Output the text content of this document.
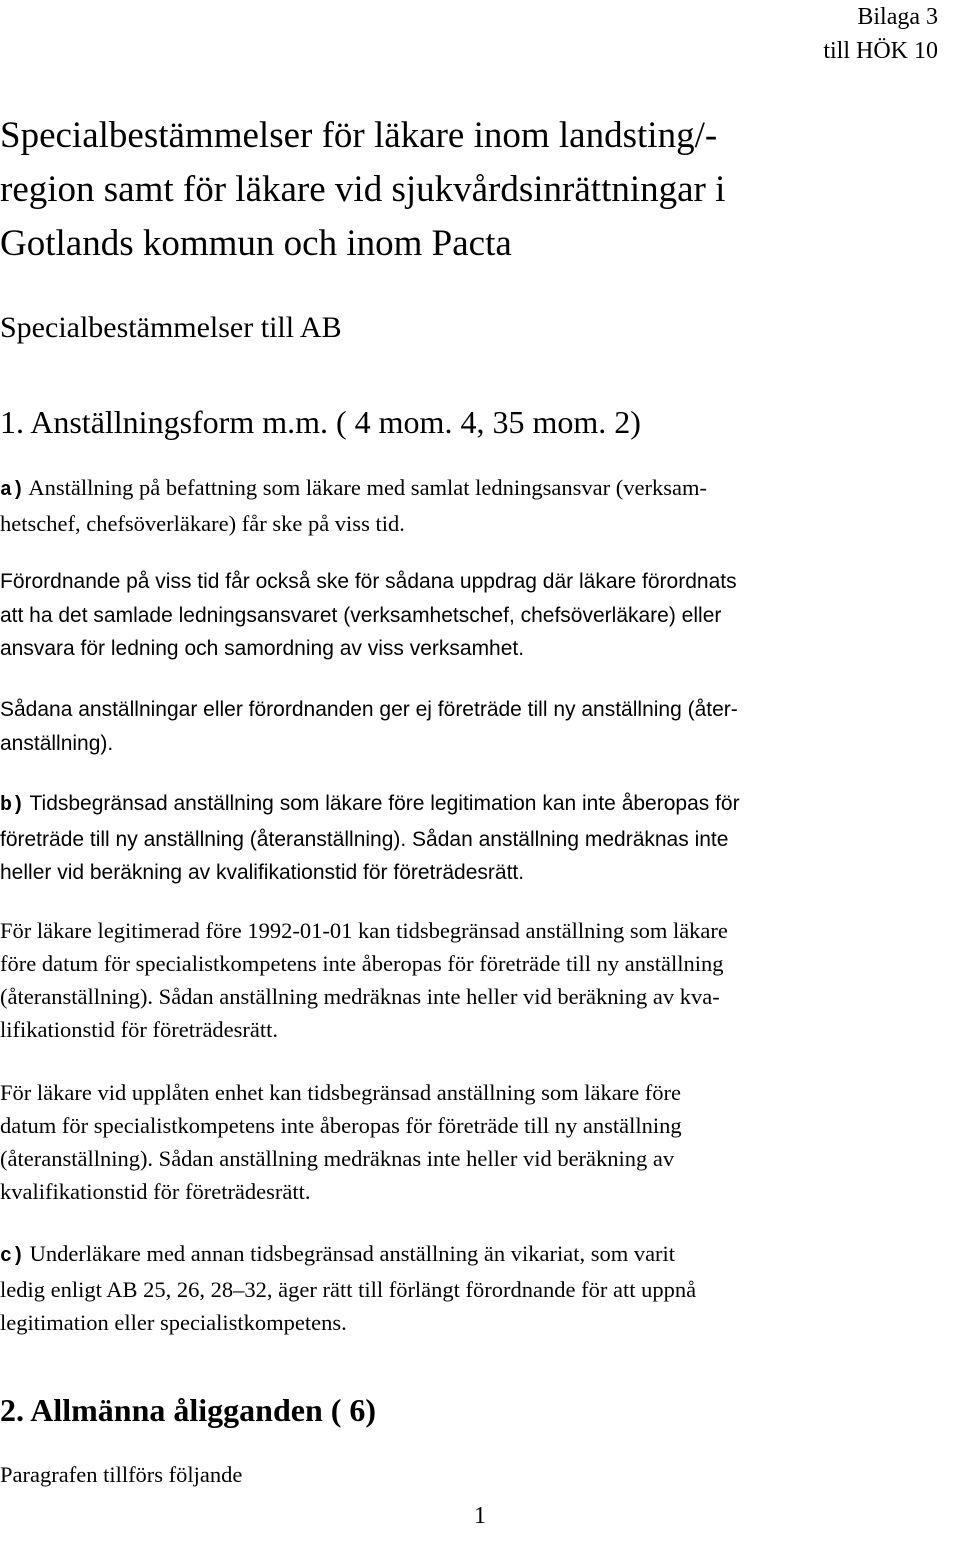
Bilaga 3
till HÖK 10
Specialbestämmelser för läkare inom landsting/-
region samt för läkare vid sjukvårdsinrättningar i
Gotlands kommun och inom Pacta
Specialbestämmelser till AB
1. Anställningsform m.m. ( 4 mom. 4, 35 mom. 2)
a) Anställning på befattning som läkare med samlat ledningsansvar (verksam-
hetschef, chefsöverläkare) får ske på viss tid.
Förordnande på viss tid får också ske för sådana uppdrag där läkare förordnats
att ha det samlade ledningsansvaret (verksamhetschef, chefsöverläkare) eller
ansvara för ledning och samordning av viss verksamhet.
Sådana anställningar eller förordnanden ger ej företräde till ny anställning (åter-
anställning).
b) Tidsbegränsad anställning som läkare före legitimation kan inte åberopas för
företräde till ny anställning (återanställning). Sådan anställning medräknas inte
heller vid beräkning av kvalifikationstid för företrädesrätt.
För läkare legitimerad före 1992-01-01 kan tidsbegränsad anställning som läkare
före datum för specialistkompetens inte åberopas för företräde till ny anställning
(återanställning). Sådan anställning medräknas inte heller vid beräkning av kva-
lifikationstid för företrädesrätt.
För läkare vid upplåten enhet kan tidsbegränsad anställning som läkare före
datum för specialistkompetens inte åberopas för företräde till ny anställning
(återanställning). Sådan anställning medräknas inte heller vid beräkning av
kvalifikationstid för företrädesrätt.
c) Underläkare med annan tidsbegränsad anställning än vikariat, som varit
ledig enligt AB 25, 26, 28–32, äger rätt till förlängt förordnande för att uppnå
legitimation eller specialistkompetens.
2. Allmänna åligganden ( 6)
Paragrafen tillförs följande
1
